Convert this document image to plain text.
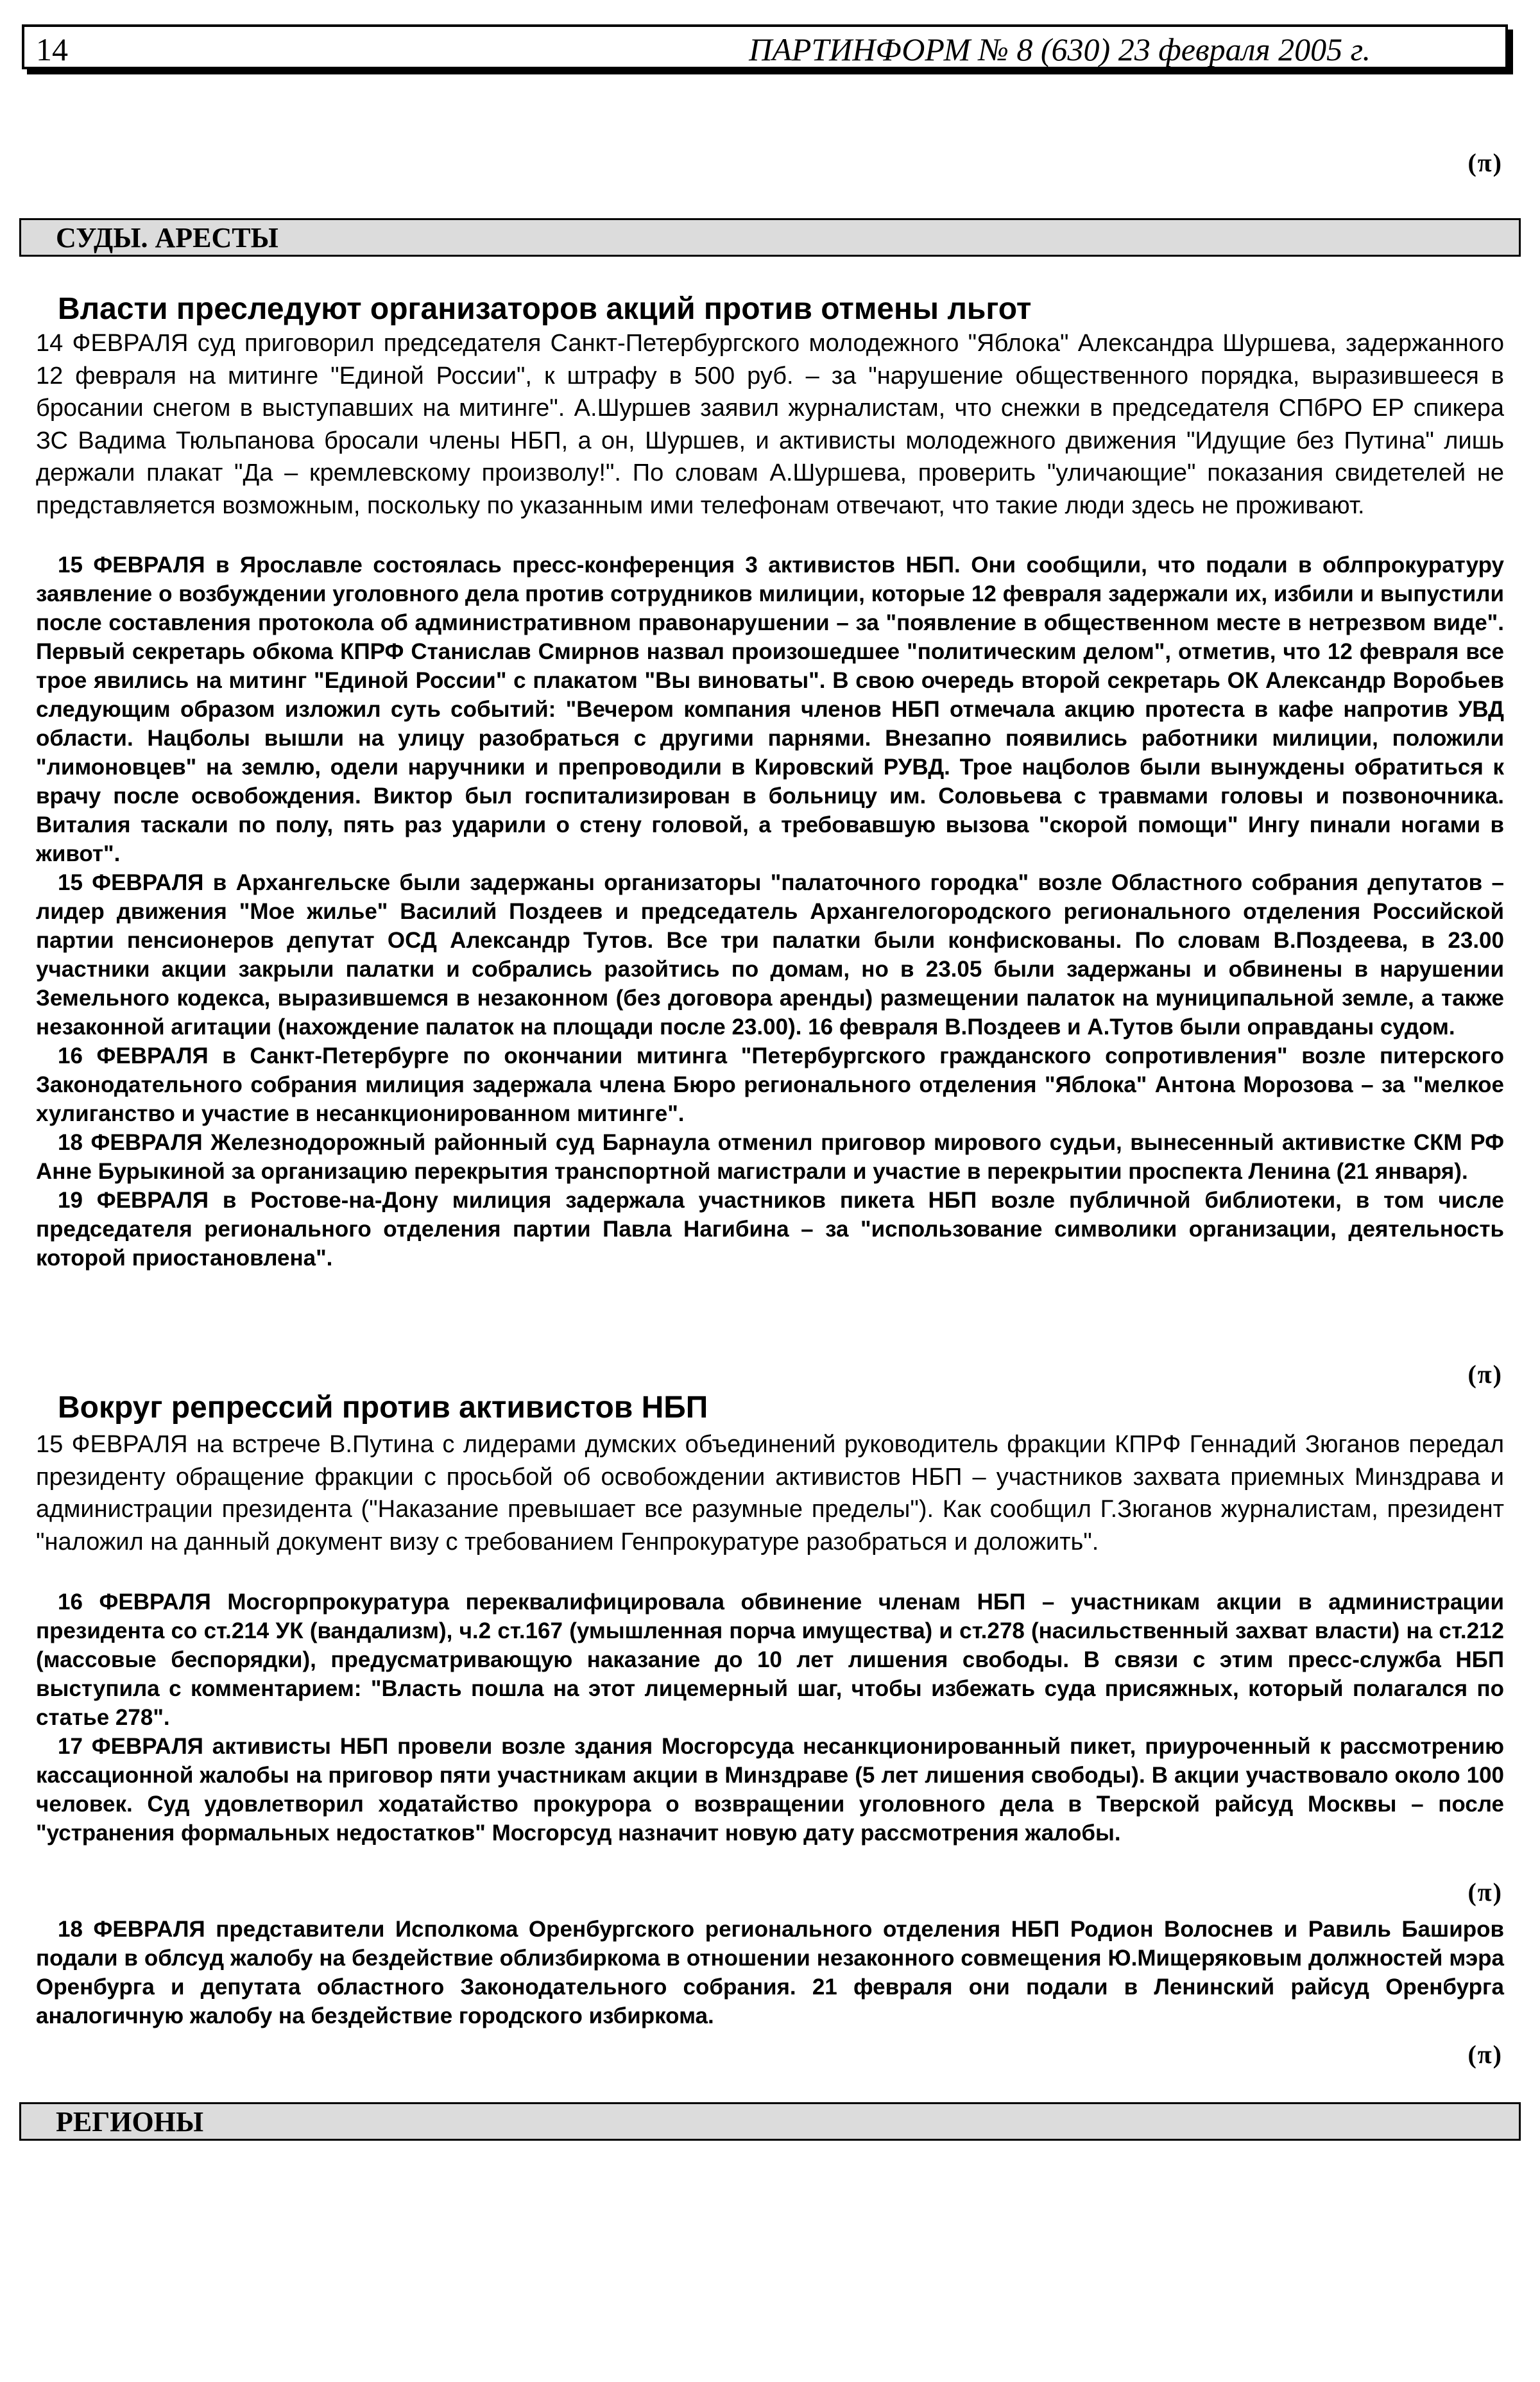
14	ПАРТИНФОРМ № 8 (630) 23 февраля 2005 г.
(π)
СУДЫ. АРЕСТЫ
Власти преследуют организаторов акций против отмены льгот

14 ФЕВРАЛЯ суд приговорил председателя Санкт-Петербургского молодежного "Яблока" Александра Шуршева, задержанного 12 февраля на митинге "Единой России", к штрафу в 500 руб. – за "нарушение общественного порядка, выразившееся в бросании снегом в выступавших на митинге". А.Шуршев заявил журналистам, что снежки в председателя СПбРО ЕР спикера ЗС Вадима Тюльпанова бросали члены НБП, а он, Шуршев, и активисты молодежного движения "Идущие без Путина" лишь держали плакат "Да – кремлевскому произволу!". По словам А.Шуршева, проверить "уличающие" показания свидетелей не представляется возможным, поскольку по указанным ими телефонам отвечают, что такие люди здесь не проживают.

15 ФЕВРАЛЯ в Ярославле состоялась пресс-конференция 3 активистов НБП. Они сообщили, что подали в облпрокуратуру заявление о возбуждении уголовного дела против сотрудников милиции, которые 12 февраля задержали их, избили и выпустили после составления протокола об административном правонарушении – за "появление в общественном месте в нетрезвом виде". Первый секретарь обкома КПРФ Станислав Смирнов назвал произошедшее "политическим делом", отметив, что 12 февраля все трое явились на митинг "Единой России" с плакатом "Вы виноваты". В свою очередь второй секретарь ОК Александр Воробьев следующим образом изложил суть событий: "Вечером компания членов НБП отмечала акцию протеста в кафе напротив УВД области. Нацболы вышли на улицу разобраться с другими парнями. Внезапно появились работники милиции, положили "лимоновцев" на землю, одели наручники и препроводили в Кировский РУВД. Трое нацболов были вынуждены обратиться к врачу после освобождения. Виктор был госпитализирован в больницу им. Соловьева с травмами головы и позвоночника. Виталия таскали по полу, пять раз ударили о стену головой, а требовавшую вызова "скорой помощи" Ингу пинали ногами в живот".

15 ФЕВРАЛЯ в Архангельске были задержаны организаторы "палаточного городка" возле Областного собрания депутатов – лидер движения "Мое жилье" Василий Поздеев и председатель Архангелогородского регионального отделения Российской партии пенсионеров депутат ОСД Александр Тутов. Все три палатки были конфискованы. По словам В.Поздеева, в 23.00 участники акции закрыли палатки и собрались разойтись по домам, но в 23.05 были задержаны и обвинены в нарушении Земельного кодекса, выразившемся в незаконном (без договора аренды) размещении палаток на муниципальной земле, а также незаконной агитации (нахождение палаток на площади после 23.00). 16 февраля В.Поздеев и А.Тутов были оправданы судом.

16 ФЕВРАЛЯ в Санкт-Петербурге по окончании митинга "Петербургского гражданского сопротивления" возле питерского Законодательного собрания милиция задержала члена Бюро регионального отделения "Яблока" Антона Морозова – за "мелкое хулиганство и участие в несанкционированном митинге".

18 ФЕВРАЛЯ Железнодорожный районный суд Барнаула отменил приговор мирового судьи, вынесенный активистке СКМ РФ Анне Бурыкиной за организацию перекрытия транспортной магистрали и участие в перекрытии проспекта Ленина (21 января).

19 ФЕВРАЛЯ в Ростове-на-Дону милиция задержала участников пикета НБП возле публичной библиотеки, в том числе председателя регионального отделения партии Павла Нагибина – за "использование символики организации, деятельность которой приостановлена".

(π)
Вокруг репрессий против активистов НБП

15 ФЕВРАЛЯ на встрече В.Путина с лидерами думских объединений руководитель фракции КПРФ Геннадий Зюганов передал президенту обращение фракции с просьбой об освобождении активистов НБП – участников захвата приемных Минздрава и администрации президента ("Наказание превышает все разумные пределы"). Как сообщил Г.Зюганов журналистам, президент "наложил на данный документ визу с требованием Генпрокуратуре разобраться и доложить".

16 ФЕВРАЛЯ Мосгорпрокуратура переквалифицировала обвинение членам НБП – участникам акции в администрации президента со ст.214 УК (вандализм), ч.2 ст.167 (умышленная порча имущества) и ст.278 (насильственный захват власти) на ст.212 (массовые беспорядки), предусматривающую наказание до 10 лет лишения свободы. В связи с этим пресс-служба НБП выступила с комментарием: "Власть пошла на этот лицемерный шаг, чтобы избежать суда присяжных, который полагался по статье 278".

17 ФЕВРАЛЯ активисты НБП провели возле здания Мосгорсуда несанкционированный пикет, приуроченный к рассмотрению кассационной жалобы на приговор пяти участникам акции в Минздраве (5 лет лишения свободы). В акции участвовало около 100 человек. Суд удовлетворил ходатайство прокурора о возвращении уголовного дела в Тверской райсуд Москвы – после "устранения формальных недостатков" Мосгорсуд назначит новую дату рассмотрения жалобы.

(π)

18 ФЕВРАЛЯ представители Исполкома Оренбургского регионального отделения НБП Родион Волоснев и Равиль Баширов подали в облсуд жалобу на бездействие облизбиркома в отношении незаконного совмещения Ю.Мищеряковым должностей мэра Оренбурга и депутата областного Законодательного собрания. 21 февраля они подали в Ленинский райсуд Оренбурга аналогичную жалобу на бездействие городского избиркома.

(π)
РЕГИОНЫ
